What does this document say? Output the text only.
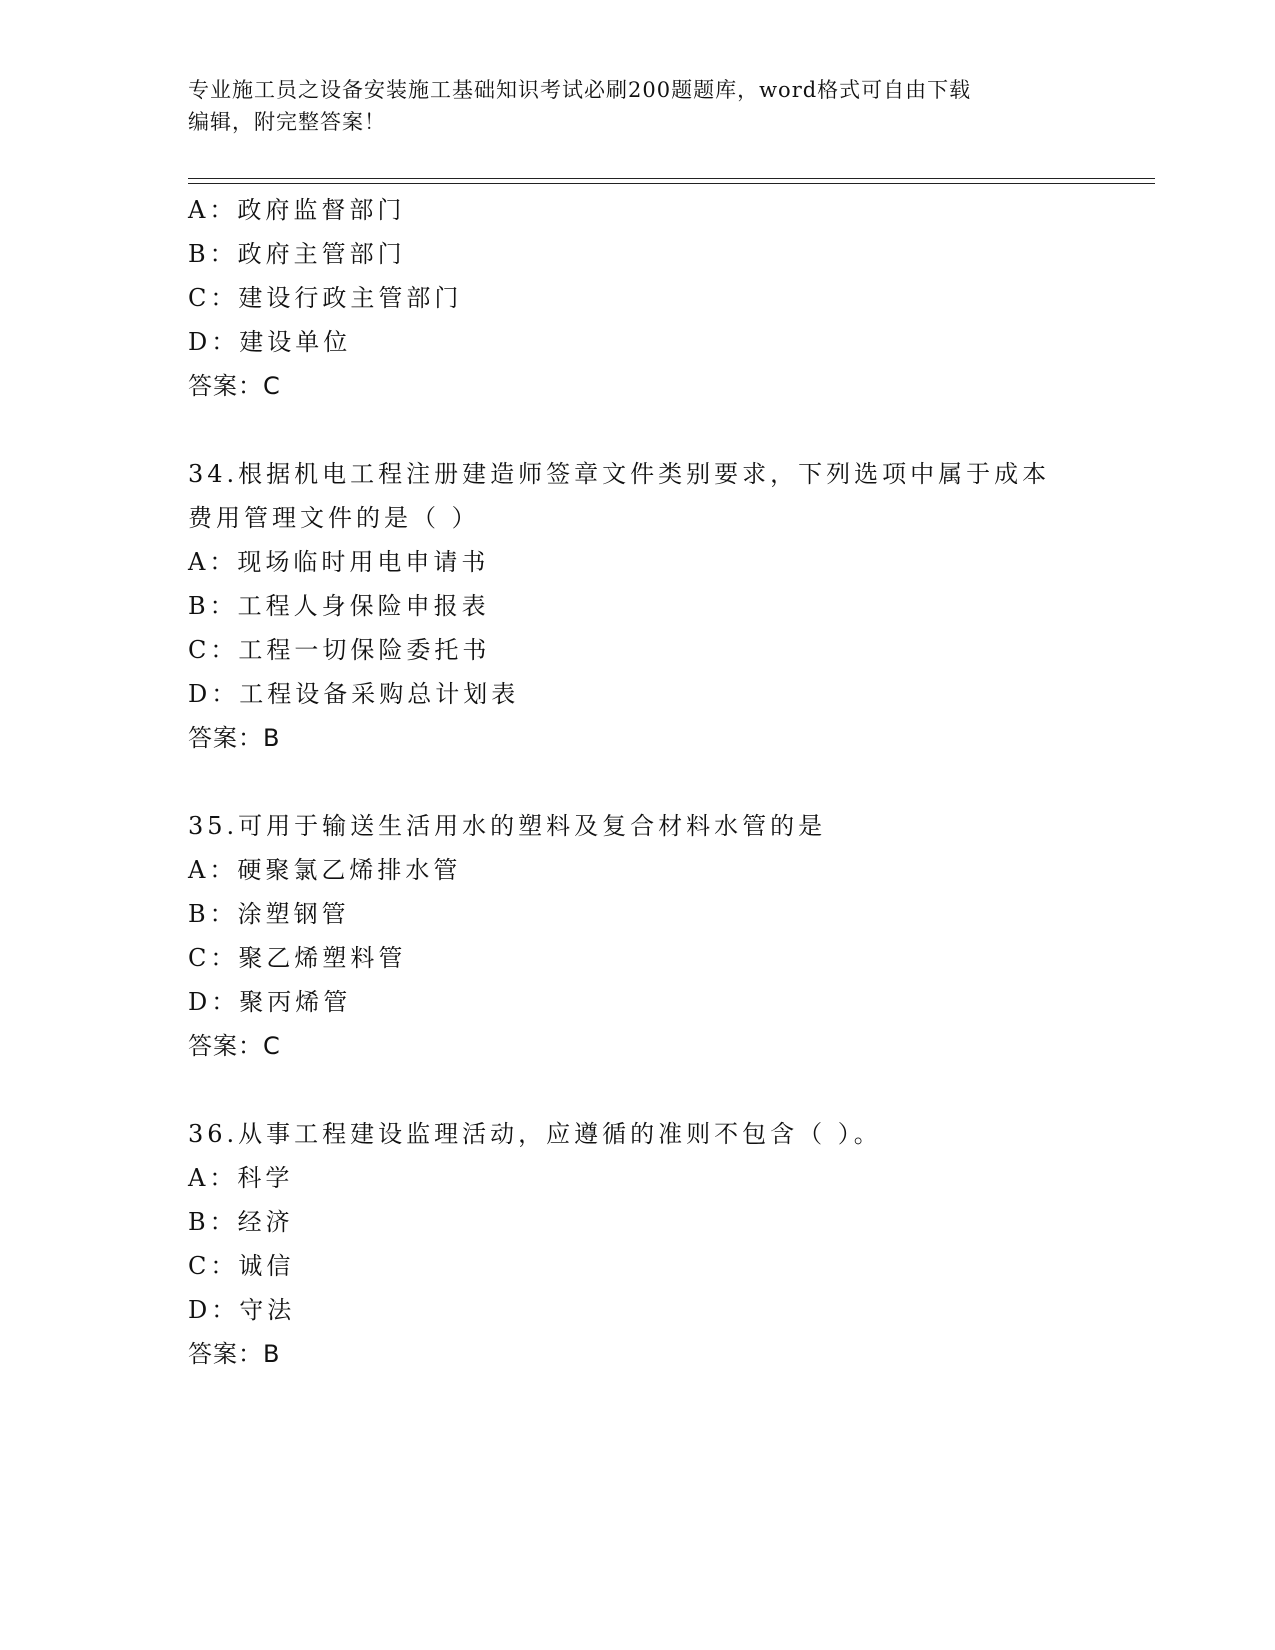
专业施工员之设备安装施工基础知识考试必刷200题题库，word格式可自由下载
编辑，附完整答案！
A：政府监督部门
B：政府主管部门
C：建设行政主管部门
D：建设单位
答案：C
34.根据机电工程注册建造师签章文件类别要求，下列选项中属于成本
费用管理文件的是（ ）
A：现场临时用电申请书
B：工程人身保险申报表
C：工程一切保险委托书
D：工程设备采购总计划表
答案：B
35.可用于输送生活用水的塑料及复合材料水管的是
A：硬聚氯乙烯排水管
B：涂塑钢管
C：聚乙烯塑料管
D：聚丙烯管
答案：C
36.从事工程建设监理活动，应遵循的准则不包含（ ）。
A：科学
B：经济
C：诚信
D：守法
答案：B
